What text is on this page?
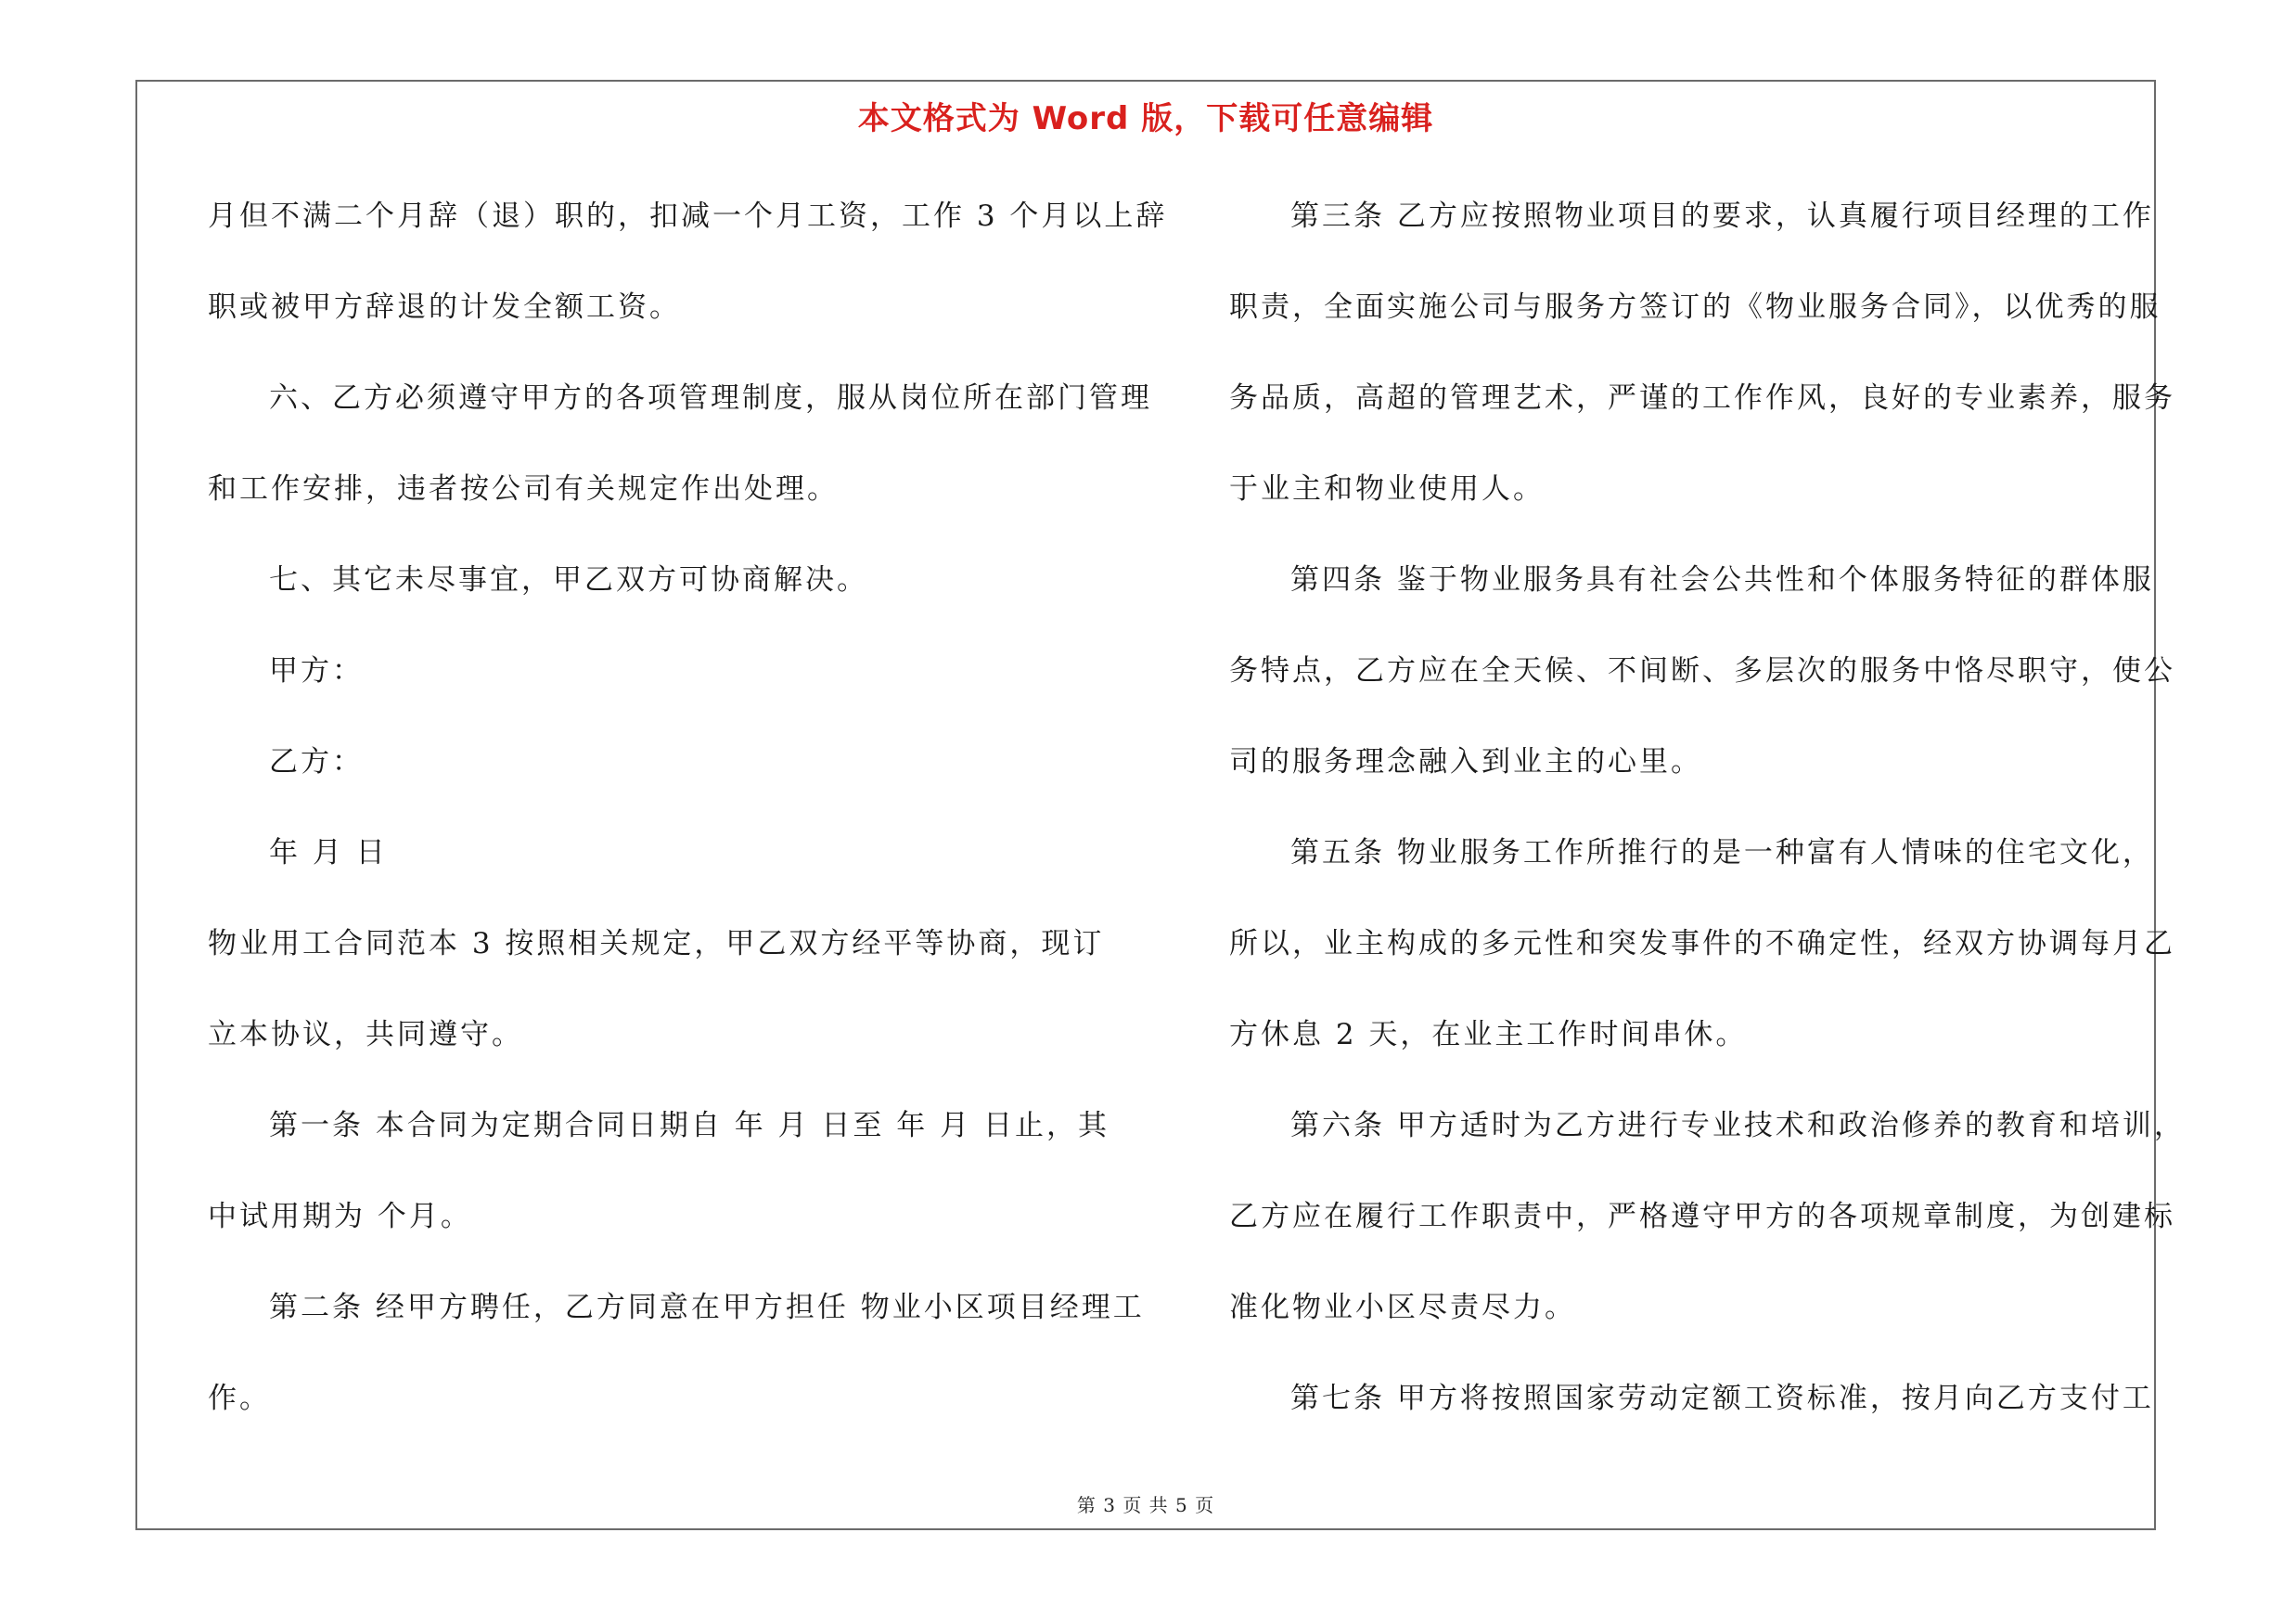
本文格式为 Word 版，下载可任意编辑
月但不满二个月辞（退）职的，扣减一个月工资，工作 3 个月以上辞
职或被甲方辞退的计发全额工资。
六、乙方必须遵守甲方的各项管理制度，服从岗位所在部门管理
和工作安排，违者按公司有关规定作出处理。
七、其它未尽事宜，甲乙双方可协商解决。
甲方：
乙方：
年 月 日
物业用工合同范本 3 按照相关规定，甲乙双方经平等协商，现订
立本协议，共同遵守。
第一条 本合同为定期合同日期自 年 月 日至 年 月 日止，其
中试用期为 个月。
第二条 经甲方聘任，乙方同意在甲方担任 物业小区项目经理工
作。
第三条 乙方应按照物业项目的要求，认真履行项目经理的工作
职责，全面实施公司与服务方签订的《物业服务合同》，以优秀的服
务品质，高超的管理艺术，严谨的工作作风，良好的专业素养，服务
于业主和物业使用人。
第四条 鉴于物业服务具有社会公共性和个体服务特征的群体服
务特点，乙方应在全天候、不间断、多层次的服务中恪尽职守，使公
司的服务理念融入到业主的心里。
第五条 物业服务工作所推行的是一种富有人情味的住宅文化，
所以，业主构成的多元性和突发事件的不确定性，经双方协调每月乙
方休息 2 天，在业主工作时间串休。
第六条 甲方适时为乙方进行专业技术和政治修养的教育和培训，
乙方应在履行工作职责中，严格遵守甲方的各项规章制度，为创建标
准化物业小区尽责尽力。
第七条 甲方将按照国家劳动定额工资标准，按月向乙方支付工
第 3 页 共 5 页
